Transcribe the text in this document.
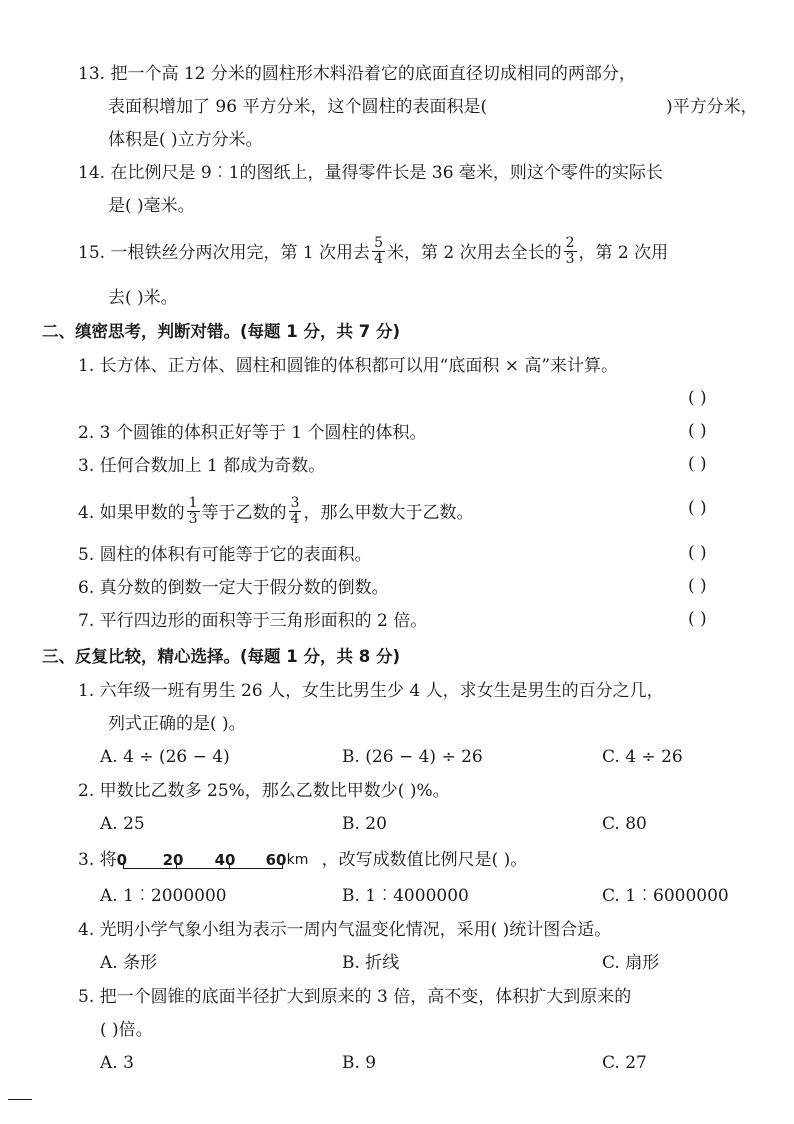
13. 把一个高 12 分米的圆柱形木料沿着它的底面直径切成相同的两部分，
表面积增加了 96 平方分米，这个圆柱的表面积是(	)平方分米，
体积是( )立方分米。
14. 在比例尺是 9︰1的图纸上，量得零件长是 36 毫米，则这个零件的实际长
是( )毫米。
15. 一根铁丝分两次用完，第 1 次用去 $\frac{5}{4}$ 米，第 2 次用去全长的 $\frac{2}{3}$ ，第 2 次用
去( )米。
二、缜密思考，判断对错。(每题 1 分，共 7 分)
1. 长方体、正方体、圆柱和圆锥的体积都可以用“底面积 × 高”来计算。
( )
2. 3 个圆锥的体积正好等于 1 个圆柱的体积。	( )
3. 任何合数加上 1 都成为奇数。	( )
4. 如果甲数的 $\frac{1}{3}$ 等于乙数的 $\frac{3}{4}$ ，那么甲数大于乙数。	( )
5. 圆柱的体积有可能等于它的表面积。	( )
6. 真分数的倒数一定大于假分数的倒数。	( )
7. 平行四边形的面积等于三角形面积的 2 倍。	( )
三、反复比较，精心选择。(每题 1 分，共 8 分)
1. 六年级一班有男生 26 人，女生比男生少 4 人，求女生是男生的百分之几，
列式正确的是( )。
A. 4 ÷ (26 − 4)	B. (26 − 4) ÷ 26	C. 4 ÷ 26
2. 甲数比乙数多 25%，那么乙数比甲数少( )%。
A. 25	B. 20	C. 80
3. 将 0 20 40 60 km ，改写成数值比例尺是( )。
A. 1︰2000000	B. 1︰4000000	C. 1︰6000000
4. 光明小学气象小组为表示一周内气温变化情况，采用( )统计图合适。
A. 条形	B. 折线	C. 扇形
5. 把一个圆锥的底面半径扩大到原来的 3 倍，高不变，体积扩大到原来的
( )倍。
A. 3	B. 9	C. 27
